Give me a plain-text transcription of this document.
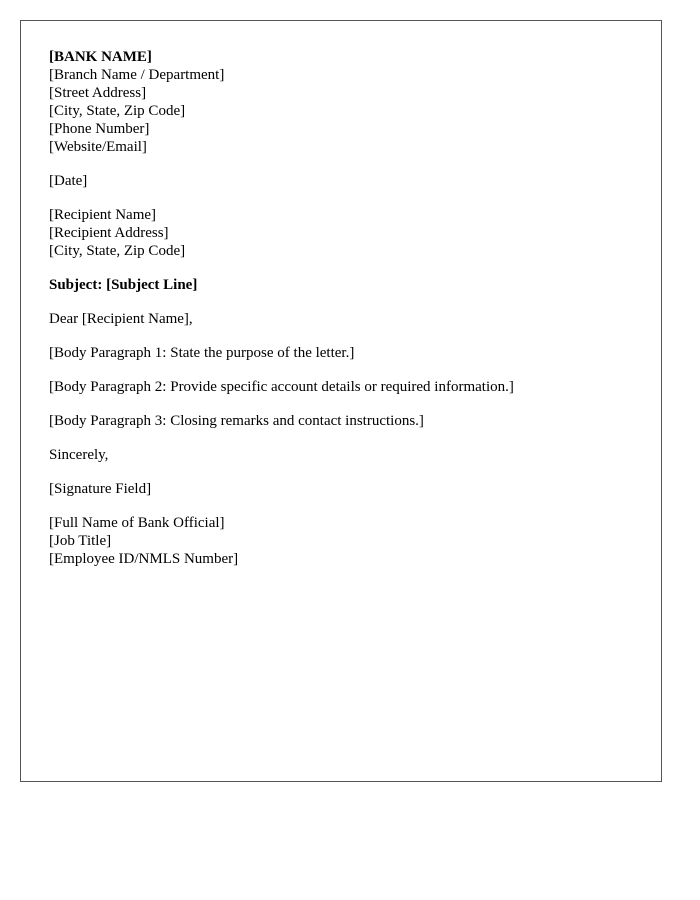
[BANK NAME]
[Branch Name / Department]
[Street Address]
[City, State, Zip Code]
[Phone Number]
[Website/Email]
[Date]
[Recipient Name]
[Recipient Address]
[City, State, Zip Code]
Subject: [Subject Line]
Dear [Recipient Name],
[Body Paragraph 1: State the purpose of the letter.]
[Body Paragraph 2: Provide specific account details or required information.]
[Body Paragraph 3: Closing remarks and contact instructions.]
Sincerely,
[Signature Field]
[Full Name of Bank Official]
[Job Title]
[Employee ID/NMLS Number]
